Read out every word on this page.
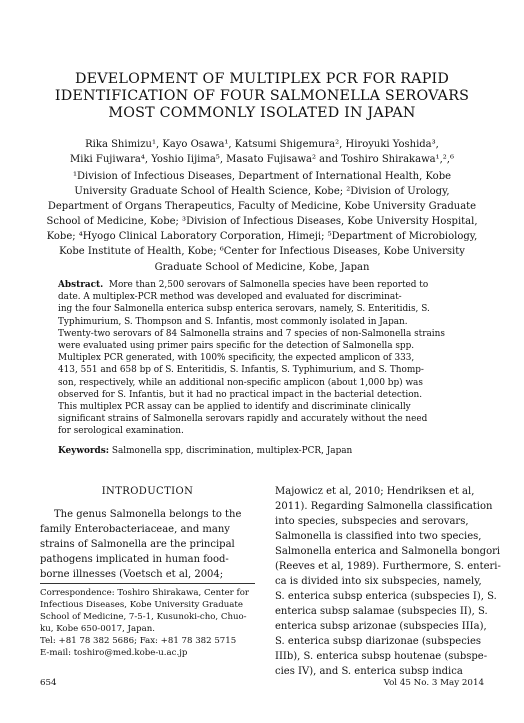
DEVELOPMENT OF MULTIPLEX PCR FOR RAPID
IDENTIFICATION OF FOUR SALMONELLA SEROVARS
MOST COMMONLY ISOLATED IN JAPAN
Rika Shimizu¹, Kayo Osawa¹, Katsumi Shigemura², Hiroyuki Yoshida³,
Miki Fujiwara⁴, Yoshio Iijima⁵, Masato Fujisawa² and Toshiro Shirakawa¹,²,⁶
¹Division of Infectious Diseases, Department of International Health, Kobe
University Graduate School of Health Science, Kobe; ²Division of Urology,
Department of Organs Therapeutics, Faculty of Medicine, Kobe University Graduate
School of Medicine, Kobe; ³Division of Infectious Diseases, Kobe University Hospital,
Kobe; ⁴Hyogo Clinical Laboratory Corporation, Himeji; ⁵Department of Microbiology,
Kobe Institute of Health, Kobe; ⁶Center for Infectious Diseases, Kobe University
Graduate School of Medicine, Kobe, Japan
Abstract. More than 2,500 serovars of Salmonella species have been reported to
date. A multiplex-PCR method was developed and evaluated for discriminat-
ing the four Salmonella enterica subsp enterica serovars, namely, S. Enteritidis, S.
Typhimurium, S. Thompson and S. Infantis, most commonly isolated in Japan.
Twenty-two serovars of 84 Salmonella strains and 7 species of non-Salmonella strains
were evaluated using primer pairs specific for the detection of Salmonella spp.
Multiplex PCR generated, with 100% specificity, the expected amplicon of 333,
413, 551 and 658 bp of S. Enteritidis, S. Infantis, S. Typhimurium, and S. Thomp-
son, respectively, while an additional non-specific amplicon (about 1,000 bp) was
observed for S. Infantis, but it had no practical impact in the bacterial detection.
This multiplex PCR assay can be applied to identify and discriminate clinically
significant strains of Salmonella serovars rapidly and accurately without the need
for serological examination.
Keywords: Salmonella spp, discrimination, multiplex-PCR, Japan
INTRODUCTION
The genus Salmonella belongs to the
family Enterobacteriaceae, and many
strains of Salmonella are the principal
pathogens implicated in human food-
borne illnesses (Voetsch et al, 2004;
Correspondence: Toshiro Shirakawa, Center for
Infectious Diseases, Kobe University Graduate
School of Medicine, 7-5-1, Kusunoki-cho, Chuo-
ku, Kobe 650-0017, Japan.
Tel: +81 78 382 5686; Fax: +81 78 382 5715
E-mail: toshiro@med.kobe-u.ac.jp
Majowicz et al, 2010; Hendriksen et al,
2011). Regarding Salmonella classification
into species, subspecies and serovars,
Salmonella is classified into two species,
Salmonella enterica and Salmonella bongori
(Reeves et al, 1989). Furthermore, S. enteri-
ca is divided into six subspecies, namely,
S. enterica subsp enterica (subspecies I), S.
enterica subsp salamae (subspecies II), S.
enterica subsp arizonae (subspecies IIIa),
S. enterica subsp diarizonae (subspecies
IIIb), S. enterica subsp houtenae (subspe-
cies IV), and S. enterica subsp indica
654	Vol 45 No. 3 May 2014
